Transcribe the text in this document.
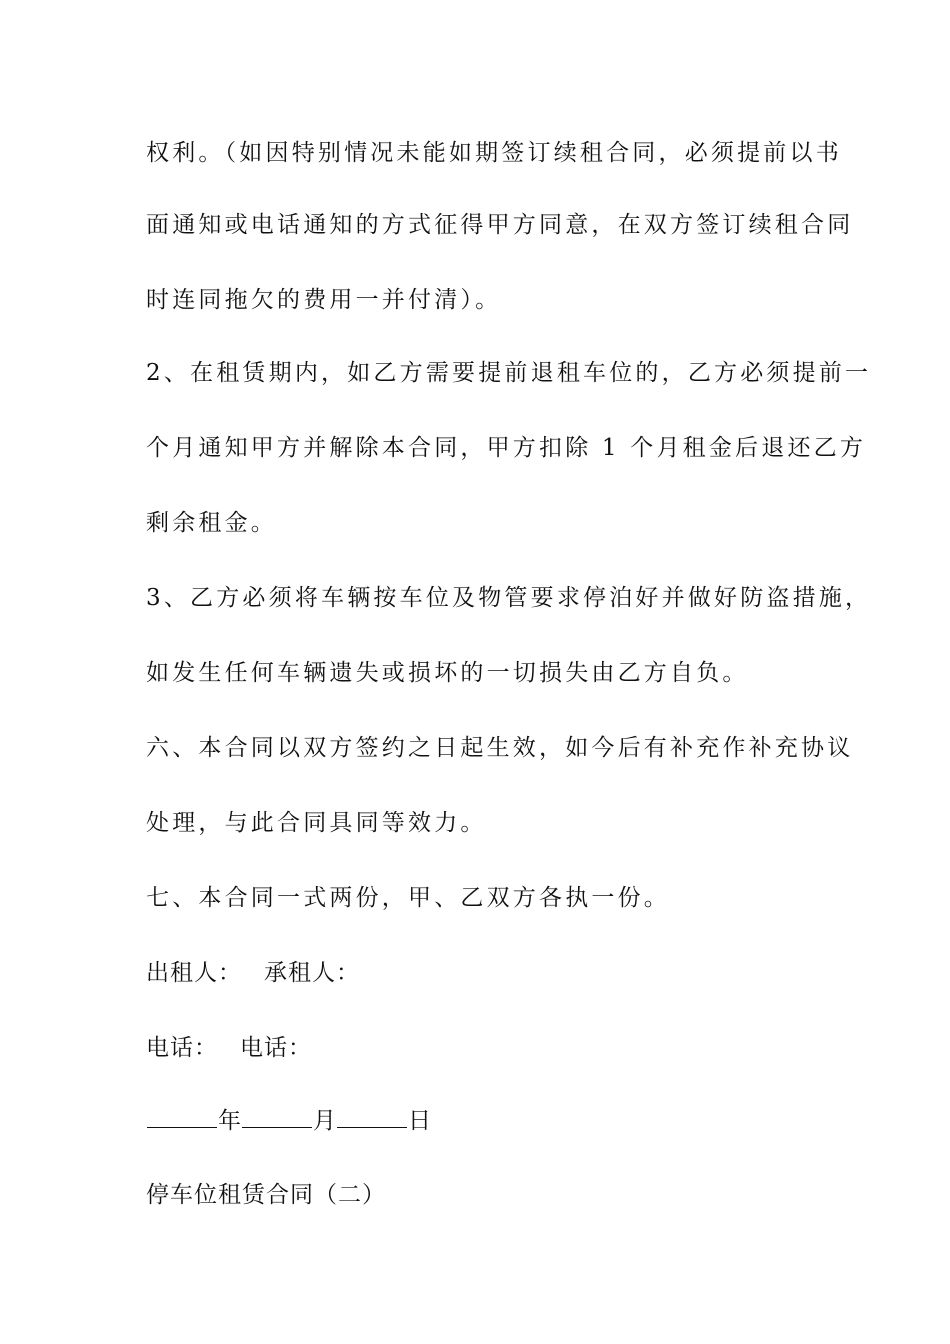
权利。（如因特别情况未能如期签订续租合同，必须提前以书
面通知或电话通知的方式征得甲方同意，在双方签订续租合同
时连同拖欠的费用一并付清）。
2、在租赁期内，如乙方需要提前退租车位的，乙方必须提前一
个月通知甲方并解除本合同，甲方扣除 1 个月租金后退还乙方
剩余租金。
3、乙方必须将车辆按车位及物管要求停泊好并做好防盗措施，
如发生任何车辆遗失或损坏的一切损失由乙方自负。
六、本合同以双方签约之日起生效，如今后有补充作补充协议
处理，与此合同具同等效力。
七、本合同一式两份，甲、乙双方各执一份。
出租人： 承租人：
电话： 电话：
年	月	日
停车位租赁合同（二）
